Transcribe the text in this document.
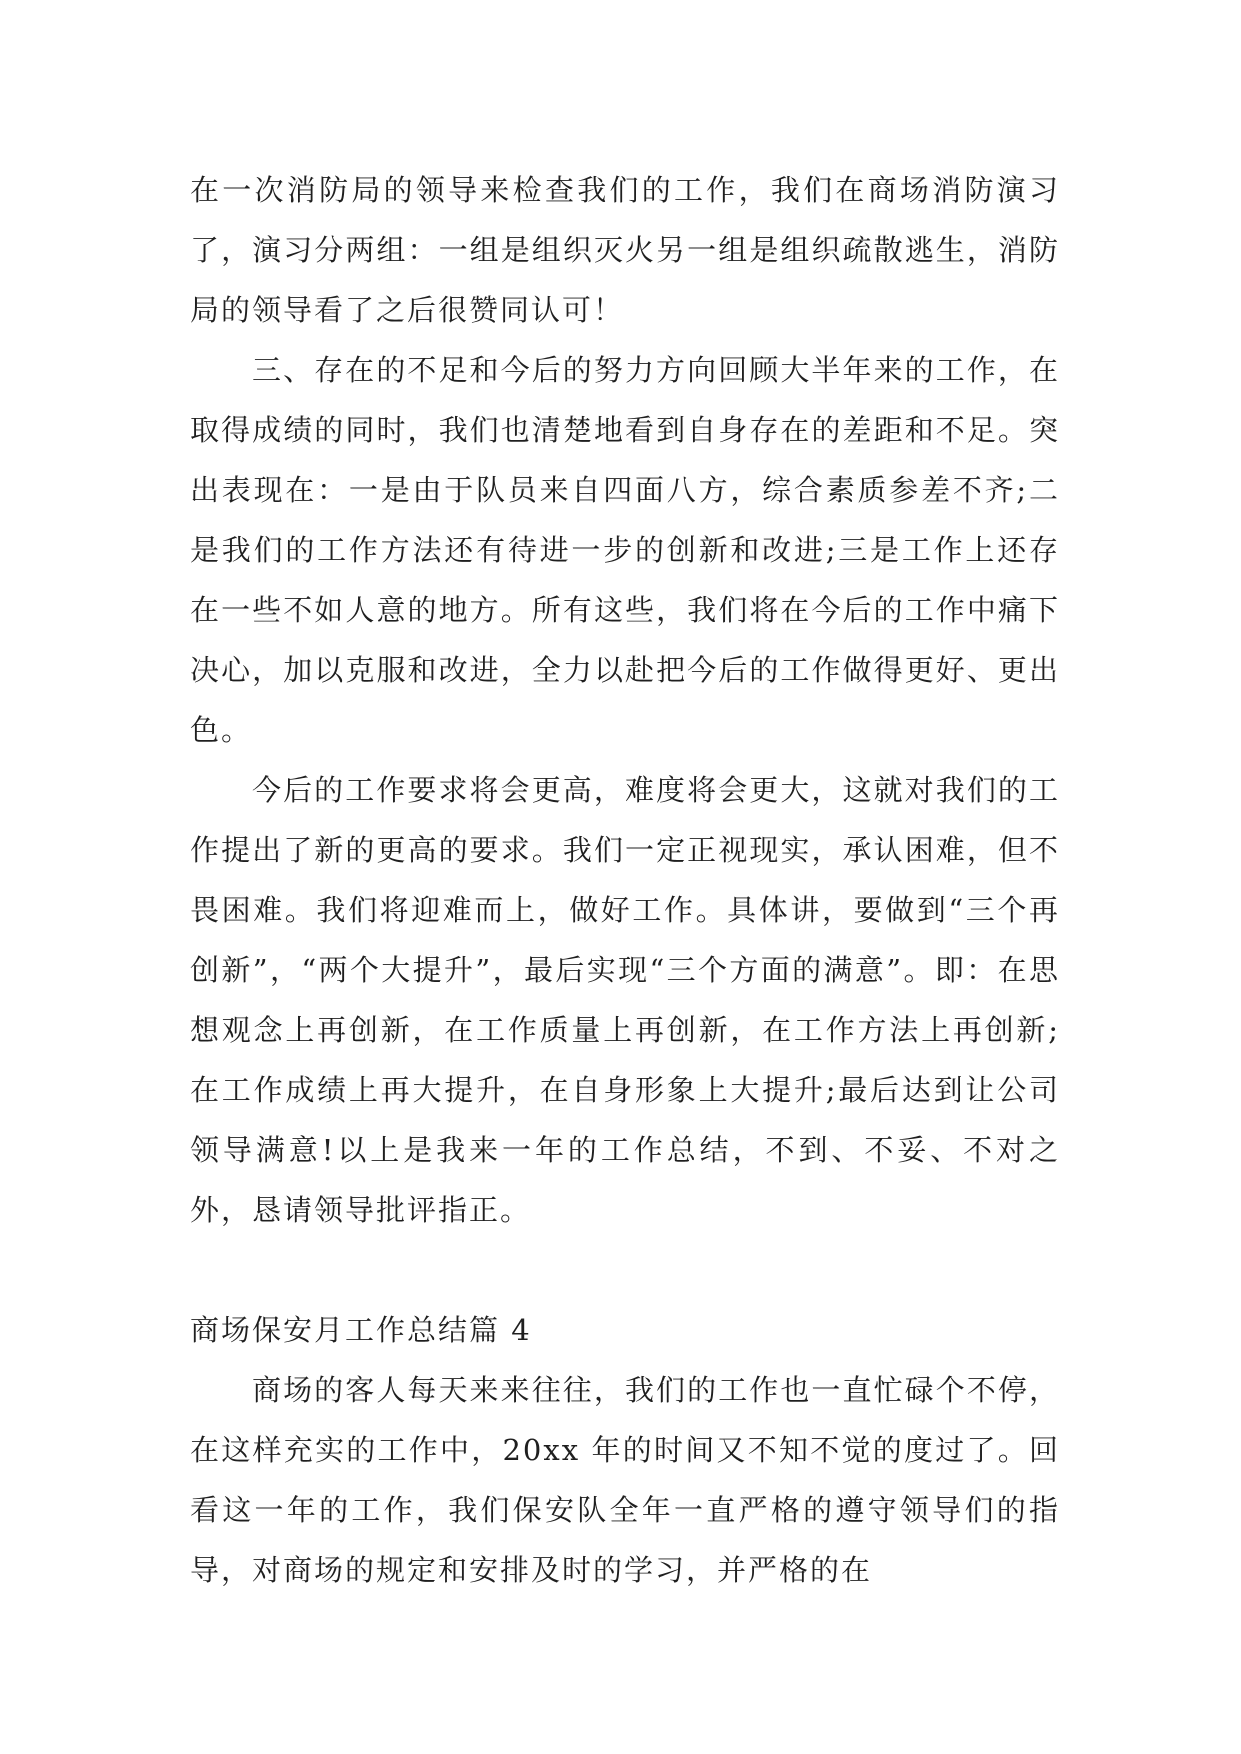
在一次消防局的领导来检查我们的工作，我们在商场消防演习了，演习分两组：一组是组织灭火另一组是组织疏散逃生，消防局的领导看了之后很赞同认可！

三、存在的不足和今后的努力方向回顾大半年来的工作，在取得成绩的同时，我们也清楚地看到自身存在的差距和不足。突出表现在：一是由于队员来自四面八方，综合素质参差不齐;二是我们的工作方法还有待进一步的创新和改进;三是工作上还存在一些不如人意的地方。所有这些，我们将在今后的工作中痛下决心，加以克服和改进，全力以赴把今后的工作做得更好、更出色。

今后的工作要求将会更高，难度将会更大，这就对我们的工作提出了新的更高的要求。我们一定正视现实，承认困难，但不畏困难。我们将迎难而上，做好工作。具体讲，要做到“三个再创新”，“两个大提升”，最后实现“三个方面的满意”。即：在思想观念上再创新，在工作质量上再创新，在工作方法上再创新;在工作成绩上再大提升，在自身形象上大提升;最后达到让公司领导满意!以上是我来一年的工作总结，不到、不妥、不对之外，恳请领导批评指正。

商场保安月工作总结篇 4

商场的客人每天来来往往，我们的工作也一直忙碌个不停，在这样充实的工作中，20xx 年的时间又不知不觉的度过了。回看这一年的工作，我们保安队全年一直严格的遵守领导们的指导，对商场的规定和安排及时的学习，并严格的在
